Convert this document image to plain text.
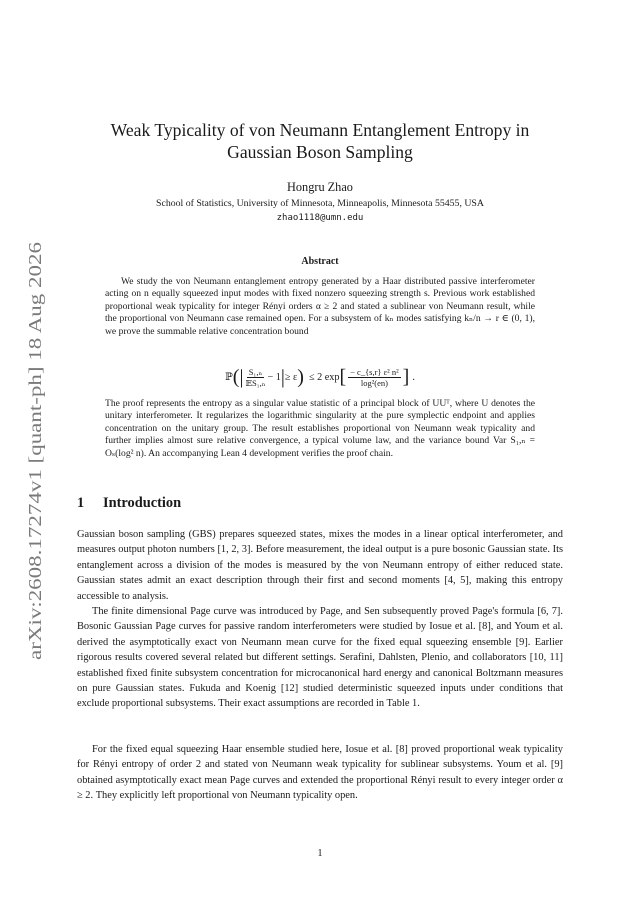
arXiv:2608.17274v1 [quant-ph] 18 Aug 2026
Weak Typicality of von Neumann Entanglement Entropy in Gaussian Boson Sampling
Hongru Zhao
School of Statistics, University of Minnesota, Minneapolis, Minnesota 55455, USA
zhao1118@umn.edu
Abstract

We study the von Neumann entanglement entropy generated by a Haar distributed passive interferometer acting on n equally squeezed input modes with fixed nonzero squeezing strength s. Previous work established proportional weak typicality for integer Rényi orders α ≥ 2 and stated a sublinear von Neumann result, while the proportional von Neumann case remained open. For a subsystem of kₙ modes satisfying kₙ/n → r ∈ (0, 1), we prove the summable relative concentration bound

ℙ ( | $\frac{\text{S₁,ₙ}}{\text{𝔼S₁,ₙ}} - 1$ | ≥ ε ) ≤ 2 exp [ $\frac{\text{− c\_\{s,r\} ε² n²}}{\text{log²(en)}}$ ] .

The proof represents the entropy as a singular value statistic of a principal block of UUᵀ, where U denotes the unitary interferometer. It regularizes the logarithmic singularity at the pure symplectic endpoint and applies concentration on the unitary group. The result establishes proportional von Neumann weak typicality and further implies almost sure relative convergence, a typical volume law, and the variance bound Var S₁,ₙ = Oₛ(log² n). An accompanying Lean 4 development verifies the proof chain.

1 Introduction

Gaussian boson sampling (GBS) prepares squeezed states, mixes the modes in a linear optical interferometer, and measures output photon numbers [1, 2, 3]. Before measurement, the ideal output is a pure bosonic Gaussian state. Its entanglement across a division of the modes is measured by the von Neumann entropy of either reduced state. Gaussian states admit an exact description through their first and second moments [4, 5], making this entropy accessible to analysis.

The finite dimensional Page curve was introduced by Page, and Sen subsequently proved Page's formula [6, 7]. Bosonic Gaussian Page curves for passive random interferometers were studied by Iosue et al. [8], and Youm et al. derived the asymptotically exact von Neumann mean curve for the fixed equal squeezing ensemble [9]. Earlier rigorous results covered several related but different settings. Serafini, Dahlsten, Plenio, and collaborators [10, 11] established fixed finite subsystem concentration for microcanonical hard energy and canonical Boltzmann measures on pure Gaussian states. Fukuda and Koenig [12] studied deterministic squeezed inputs under conditions that exclude proportional subsystems. Their exact assumptions are recorded in Table 1.

For the fixed equal squeezing Haar ensemble studied here, Iosue et al. [8] proved proportional weak typicality for Rényi entropy of order 2 and stated von Neumann weak typicality for sublinear subsystems. Youm et al. [9] obtained asymptotically exact mean Page curves and extended the proportional Rényi result to every integer order α ≥ 2. They explicitly left proportional von Neumann typicality open.

1
